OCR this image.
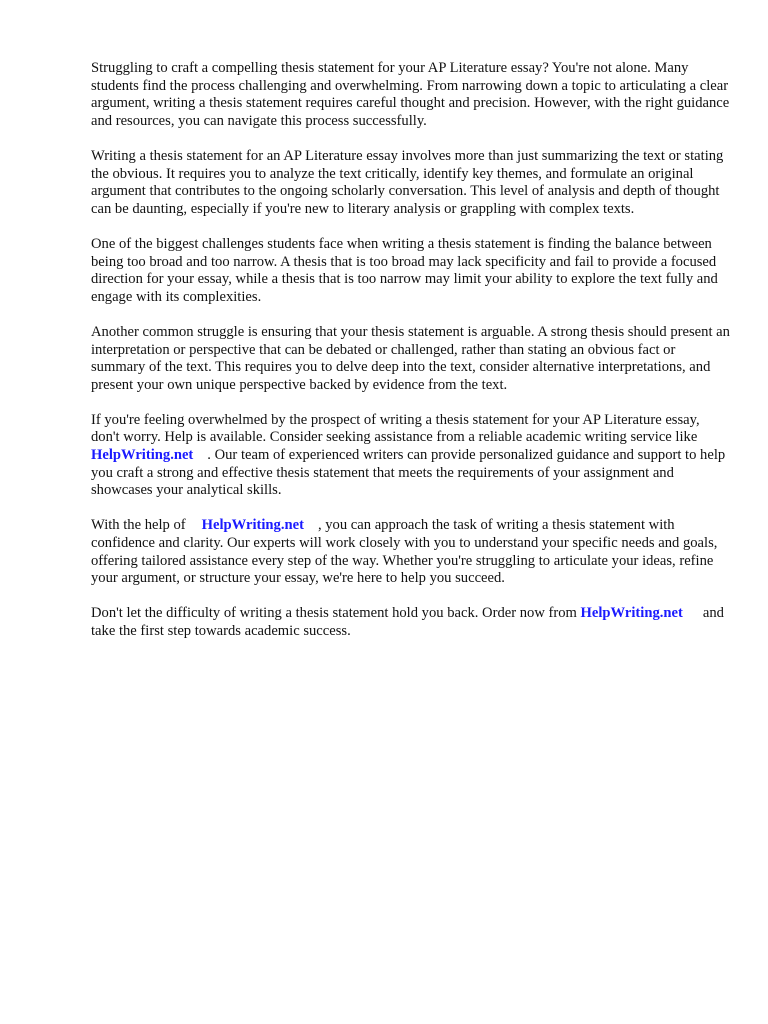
Struggling to craft a compelling thesis statement for your AP Literature essay? You're not alone. Many students find the process challenging and overwhelming. From narrowing down a topic to articulating a clear argument, writing a thesis statement requires careful thought and precision. However, with the right guidance and resources, you can navigate this process successfully.

Writing a thesis statement for an AP Literature essay involves more than just summarizing the text or stating the obvious. It requires you to analyze the text critically, identify key themes, and formulate an original argument that contributes to the ongoing scholarly conversation. This level of analysis and depth of thought can be daunting, especially if you're new to literary analysis or grappling with complex texts.

One of the biggest challenges students face when writing a thesis statement is finding the balance between being too broad and too narrow. A thesis that is too broad may lack specificity and fail to provide a focused direction for your essay, while a thesis that is too narrow may limit your ability to explore the text fully and engage with its complexities.

Another common struggle is ensuring that your thesis statement is arguable. A strong thesis should present an interpretation or perspective that can be debated or challenged, rather than stating an obvious fact or summary of the text. This requires you to delve deep into the text, consider alternative interpretations, and present your own unique perspective backed by evidence from the text.

If you're feeling overwhelmed by the prospect of writing a thesis statement for your AP Literature essay, don't worry. Help is available. Consider seeking assistance from a reliable academic writing service likeHelpWriting.net . Our team of experienced writers can provide personalized guidance and support to help you craft a strong and effective thesis statement that meets the requirements of your assignment and showcases your analytical skills.

With the help of HelpWriting.net , you can approach the task of writing a thesis statement with confidence and clarity. Our experts will work closely with you to understand your specific needs and goals, offering tailored assistance every step of the way. Whether you're struggling to articulate your ideas, refine your argument, or structure your essay, we're here to help you succeed.

Don't let the difficulty of writing a thesis statement hold you back. Order now from HelpWriting.net and take the first step towards academic success.
